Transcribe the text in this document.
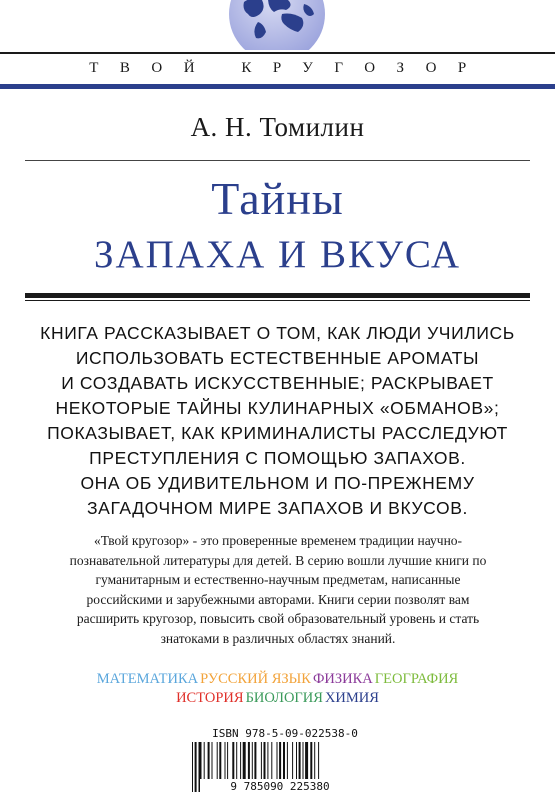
ТВОЙ КРУГОЗОР
А. Н. Томилин
Тайны
ЗАПАХА И ВКУСА
КНИГА РАССКАЗЫВАЕТ О ТОМ, КАК ЛЮДИ УЧИЛИСЬ
ИСПОЛЬЗОВАТЬ ЕСТЕСТВЕННЫЕ АРОМАТЫ
И СОЗДАВАТЬ ИСКУССТВЕННЫЕ; РАСКРЫВАЕТ
НЕКОТОРЫЕ ТАЙНЫ КУЛИНАРНЫХ «ОБМАНОВ»;
ПОКАЗЫВАЕТ, КАК КРИМИНАЛИСТЫ РАССЛЕДУЮТ
ПРЕСТУПЛЕНИЯ С ПОМОЩЬЮ ЗАПАХОВ.
ОНА ОБ УДИВИТЕЛЬНОМ И ПО-ПРЕЖНЕМУ
ЗАГАДОЧНОМ МИРЕ ЗАПАХОВ И ВКУСОВ.
«Твой кругозор» - это проверенные временем традиции научно-
познавательной литературы для детей. В серию вошли лучшие книги по
гуманитарным и естественно-научным предметам, написанные
российскими и зарубежными авторами. Книги серии позволят вам
расширить кругозор, повысить свой образовательный уровень и стать
знатоками в различных областях знаний.
МАТЕМАТИКА РУССКИЙ ЯЗЫК ФИЗИКА ГЕОГРАФИЯ
ИСТОРИЯ БИОЛОГИЯ ХИМИЯ
ISBN 978-5-09-022538-0
9 785090 225380
